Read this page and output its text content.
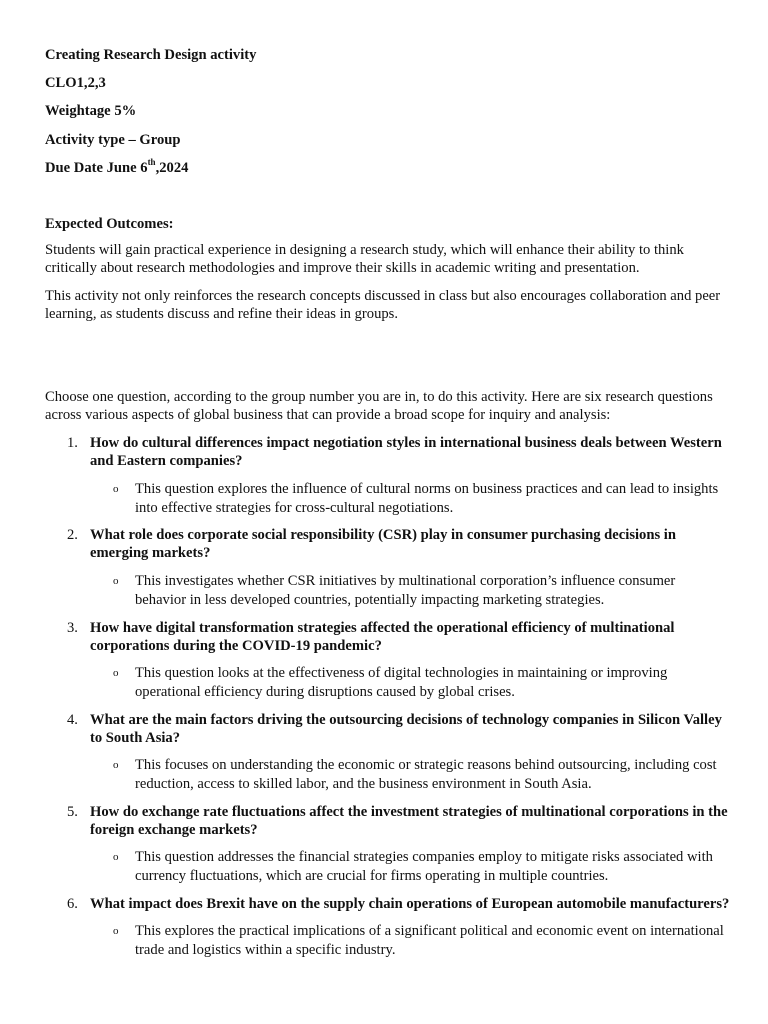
Creating Research Design activity
CLO1,2,3
Weightage 5%
Activity type – Group
Due Date June 6th,2024
Expected Outcomes:
Students will gain practical experience in designing a research study, which will enhance their ability to think critically about research methodologies and improve their skills in academic writing and presentation.
This activity not only reinforces the research concepts discussed in class but also encourages collaboration and peer learning, as students discuss and refine their ideas in groups.
Choose one question, according to the group number you are in, to do this activity. Here are six research questions across various aspects of global business that can provide a broad scope for inquiry and analysis:
1. How do cultural differences impact negotiation styles in international business deals between Western and Eastern companies?
o This question explores the influence of cultural norms on business practices and can lead to insights into effective strategies for cross-cultural negotiations.
2. What role does corporate social responsibility (CSR) play in consumer purchasing decisions in emerging markets?
o This investigates whether CSR initiatives by multinational corporation’s influence consumer behavior in less developed countries, potentially impacting marketing strategies.
3. How have digital transformation strategies affected the operational efficiency of multinational corporations during the COVID-19 pandemic?
o This question looks at the effectiveness of digital technologies in maintaining or improving operational efficiency during disruptions caused by global crises.
4. What are the main factors driving the outsourcing decisions of technology companies in Silicon Valley to South Asia?
o This focuses on understanding the economic or strategic reasons behind outsourcing, including cost reduction, access to skilled labor, and the business environment in South Asia.
5. How do exchange rate fluctuations affect the investment strategies of multinational corporations in the foreign exchange markets?
o This question addresses the financial strategies companies employ to mitigate risks associated with currency fluctuations, which are crucial for firms operating in multiple countries.
6. What impact does Brexit have on the supply chain operations of European automobile manufacturers?
o This explores the practical implications of a significant political and economic event on international trade and logistics within a specific industry.
